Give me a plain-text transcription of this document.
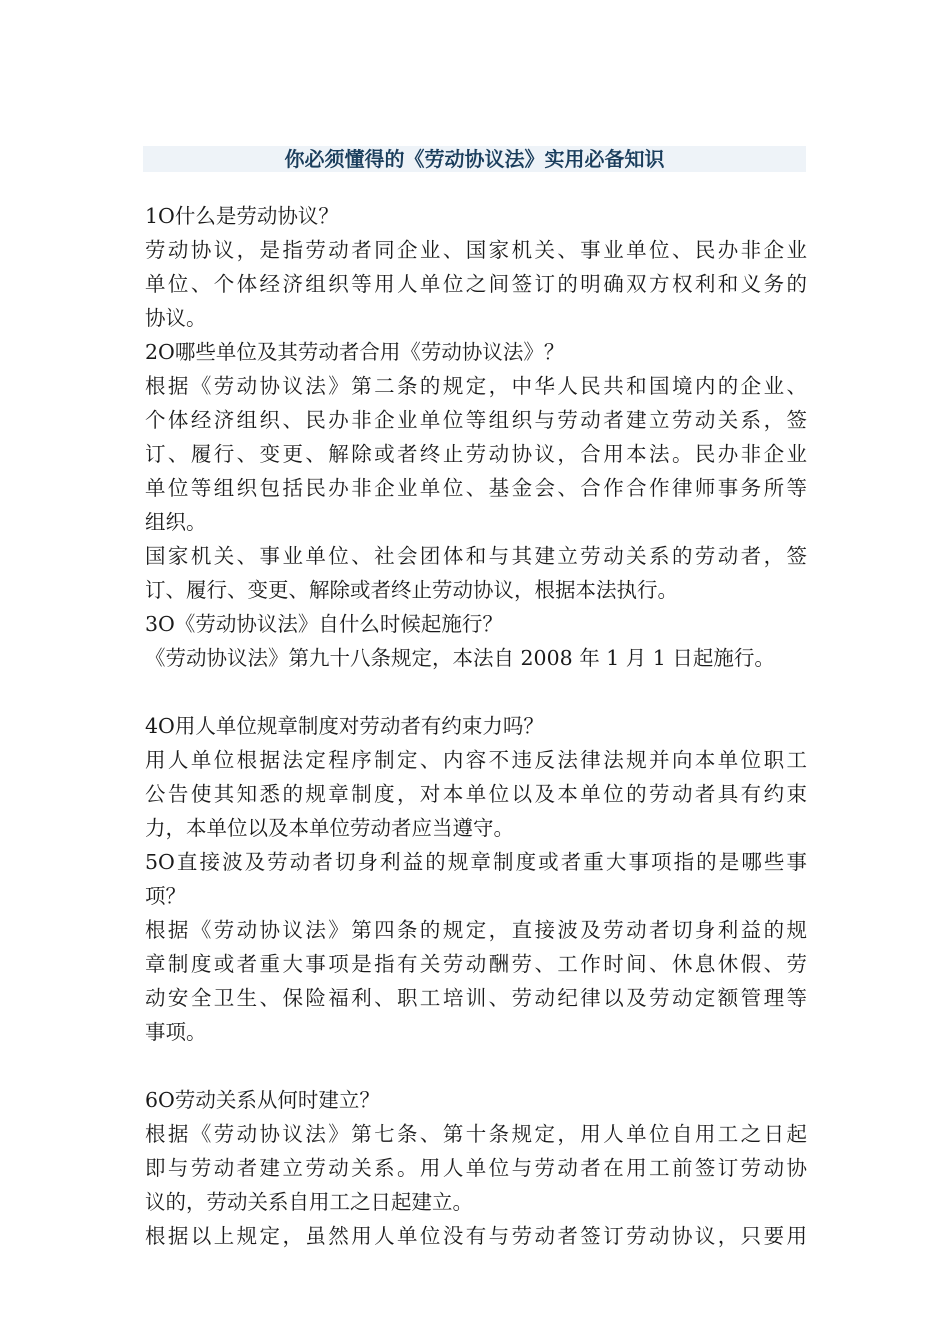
你必须懂得的《劳动协议法》实用必备知识
1O什么是劳动协议？
劳动协议，是指劳动者同企业、国家机关、事业单位、民办非企业
单位、个体经济组织等用人单位之间签订的明确双方权利和义务的
协议。
2O哪些单位及其劳动者合用《劳动协议法》？
根据《劳动协议法》第二条的规定，中华人民共和国境内的企业、
个体经济组织、民办非企业单位等组织与劳动者建立劳动关系，签
订、履行、变更、解除或者终止劳动协议，合用本法。民办非企业
单位等组织包括民办非企业单位、基金会、合作合作律师事务所等
组织。
国家机关、事业单位、社会团体和与其建立劳动关系的劳动者，签
订、履行、变更、解除或者终止劳动协议，根据本法执行。
3O《劳动协议法》自什么时候起施行？
《劳动协议法》第九十八条规定，本法自 2008 年 1 月 1 日起施行。
4O用人单位规章制度对劳动者有约束力吗？
用人单位根据法定程序制定、内容不违反法律法规并向本单位职工
公告使其知悉的规章制度，对本单位以及本单位的劳动者具有约束
力，本单位以及本单位劳动者应当遵守。
5O直接波及劳动者切身利益的规章制度或者重大事项指的是哪些事
项？
根据《劳动协议法》第四条的规定，直接波及劳动者切身利益的规
章制度或者重大事项是指有关劳动酬劳、工作时间、休息休假、劳
动安全卫生、保险福利、职工培训、劳动纪律以及劳动定额管理等
事项。
6O劳动关系从何时建立？
根据《劳动协议法》第七条、第十条规定，用人单位自用工之日起
即与劳动者建立劳动关系。用人单位与劳动者在用工前签订劳动协
议的，劳动关系自用工之日起建立。
根据以上规定，虽然用人单位没有与劳动者签订劳动协议，只要用
